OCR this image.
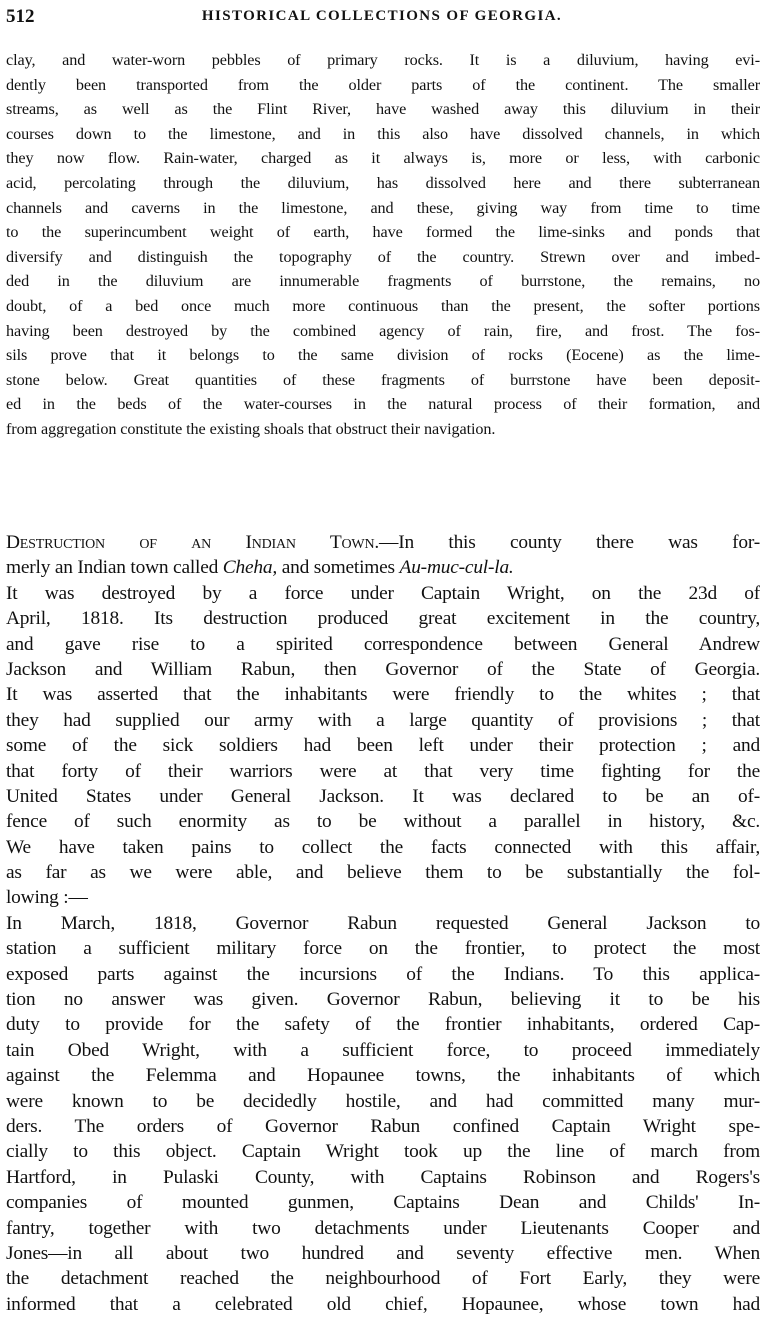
512	HISTORICAL COLLECTIONS OF GEORGIA.
clay, and water-worn pebbles of primary rocks. It is a diluvium, having evi-
dently been transported from the older parts of the continent. The smaller
streams, as well as the Flint River, have washed away this diluvium in their
courses down to the limestone, and in this also have dissolved channels, in which
they now flow. Rain-water, charged as it always is, more or less, with carbonic
acid, percolating through the diluvium, has dissolved here and there subterranean
channels and caverns in the limestone, and these, giving way from time to time
to the superincumbent weight of earth, have formed the lime-sinks and ponds that
diversify and distinguish the topography of the country. Strewn over and imbed-
ded in the diluvium are innumerable fragments of burrstone, the remains, no
doubt, of a bed once much more continuous than the present, the softer portions
having been destroyed by the combined agency of rain, fire, and frost. The fos-
sils prove that it belongs to the same division of rocks (Eocene) as the lime-
stone below. Great quantities of these fragments of burrstone have been deposit-
ed in the beds of the water-courses in the natural process of their formation, and
from aggregation constitute the existing shoals that obstruct their navigation.
Destruction of an Indian Town.—In this county there was for-
merly an Indian town called Cheha, and sometimes Au-muc-cul-la.
It was destroyed by a force under Captain Wright, on the 23d of
April, 1818. Its destruction produced great excitement in the country,
and gave rise to a spirited correspondence between General Andrew
Jackson and William Rabun, then Governor of the State of Georgia.
It was asserted that the inhabitants were friendly to the whites ; that
they had supplied our army with a large quantity of provisions ; that
some of the sick soldiers had been left under their protection ; and
that forty of their warriors were at that very time fighting for the
United States under General Jackson. It was declared to be an of-
fence of such enormity as to be without a parallel in history, &c.
We have taken pains to collect the facts connected with this affair,
as far as we were able, and believe them to be substantially the fol-
lowing :—
In March, 1818, Governor Rabun requested General Jackson to
station a sufficient military force on the frontier, to protect the most
exposed parts against the incursions of the Indians. To this applica-
tion no answer was given. Governor Rabun, believing it to be his
duty to provide for the safety of the frontier inhabitants, ordered Cap-
tain Obed Wright, with a sufficient force, to proceed immediately
against the Felemma and Hopaunee towns, the inhabitants of which
were known to be decidedly hostile, and had committed many mur-
ders. The orders of Governor Rabun confined Captain Wright spe-
cially to this object. Captain Wright took up the line of march from
Hartford, in Pulaski County, with Captains Robinson and Rogers's
companies of mounted gunmen, Captains Dean and Childs' In-
fantry, together with two detachments under Lieutenants Cooper and
Jones—in all about two hundred and seventy effective men. When
the detachment reached the neighbourhood of Fort Early, they were
informed that a celebrated old chief, Hopaunee, whose town had
